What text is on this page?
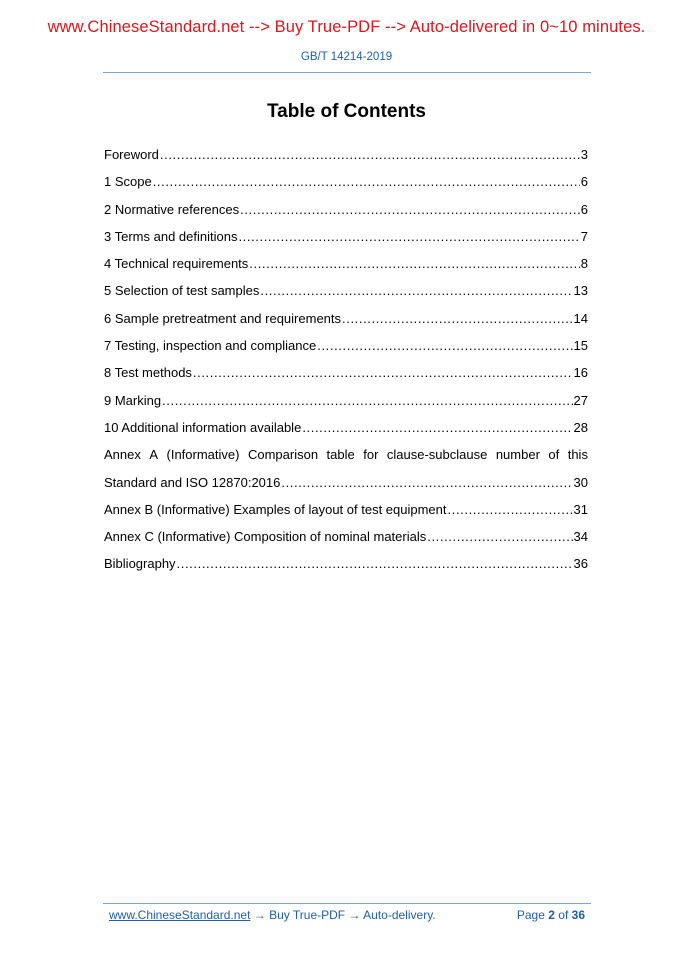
www.ChineseStandard.net --> Buy True-PDF --> Auto-delivered in 0~10 minutes.
GB/T 14214-2019
Table of Contents
Foreword .....	3
1 Scope .....	6
2 Normative references .....	6
3 Terms and definitions .....	7
4 Technical requirements .....	8
5 Selection of test samples .....	13
6 Sample pretreatment and requirements .....	14
7 Testing, inspection and compliance .....	15
8 Test methods .....	16
9 Marking .....	27
10 Additional information available .....	28
Annex A (Informative) Comparison table for clause-subclause number of this
Standard and ISO 12870:2016 .....	30
Annex B (Informative) Examples of layout of test equipment .....	31
Annex C (Informative) Composition of nominal materials .....	34
Bibliography .....	36
www.ChineseStandard.net → Buy True-PDF → Auto-delivery.	Page 2 of 36
